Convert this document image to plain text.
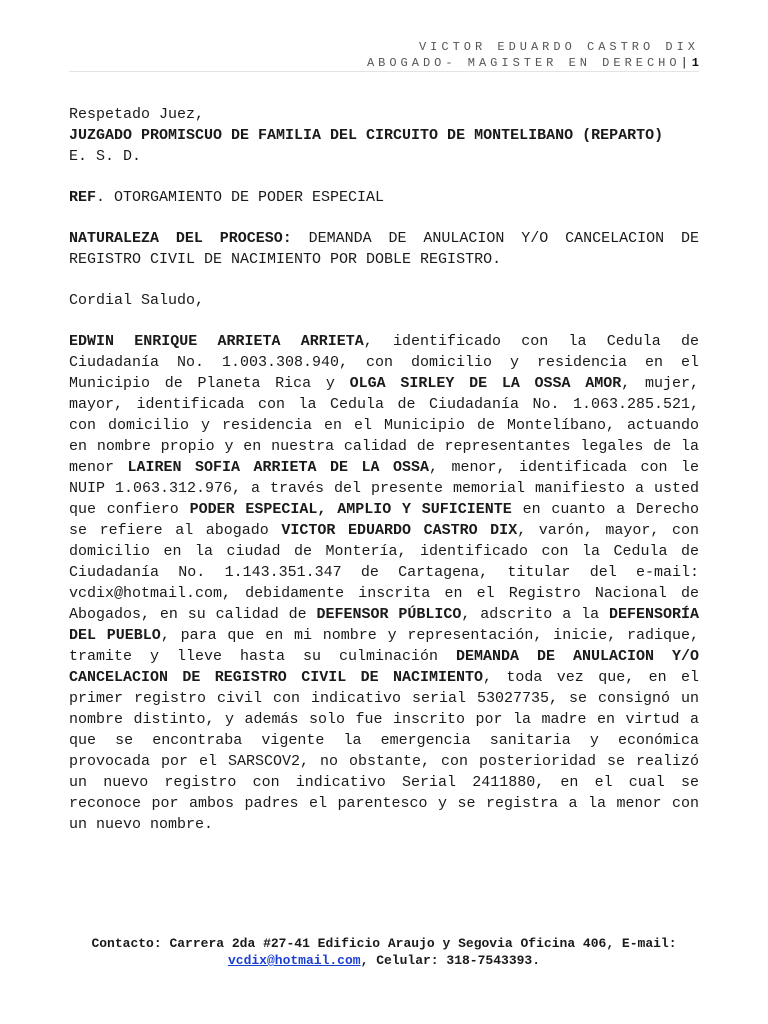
VICTOR EDUARDO CASTRO DIX
ABOGADO- MAGISTER EN DERECHO| 1

Respetado Juez,

JUZGADO PROMISCUO DE FAMILIA DEL CIRCUITO DE MONTELIBANO (REPARTO)

E. S. D.

REF. OTORGAMIENTO DE PODER ESPECIAL

NATURALEZA DEL PROCESO: DEMANDA DE ANULACION Y/O CANCELACION DE REGISTRO CIVIL DE NACIMIENTO POR DOBLE REGISTRO.

Cordial Saludo,

EDWIN ENRIQUE ARRIETA ARRIETA, identificado con la Cedula de Ciudadanía No. 1.003.308.940, con domicilio y residencia en el Municipio de Planeta Rica y OLGA SIRLEY DE LA OSSA AMOR, mujer, mayor, identificada con la Cedula de Ciudadanía No. 1.063.285.521, con domicilio y residencia en el Municipio de Montelíbano, actuando en nombre propio y en nuestra calidad de representantes legales de la menor LAIREN SOFIA ARRIETA DE LA OSSA, menor, identificada con le NUIP 1.063.312.976, a través del presente memorial manifiesto a usted que confiero PODER ESPECIAL, AMPLIO Y SUFICIENTE en cuanto a Derecho se refiere al abogado VICTOR EDUARDO CASTRO DIX, varón, mayor, con domicilio en la ciudad de Montería, identificado con la Cedula de Ciudadanía No. 1.143.351.347 de Cartagena, titular del e-mail: vcdix@hotmail.com, debidamente inscrita en el Registro Nacional de Abogados, en su calidad de DEFENSOR PÚBLICO, adscrito a la DEFENSORÍA DEL PUEBLO, para que en mi nombre y representación, inicie, radique, tramite y lleve hasta su culminación DEMANDA DE ANULACION Y/O CANCELACION DE REGISTRO CIVIL DE NACIMIENTO, toda vez que, en el primer registro civil con indicativo serial 53027735, se consignó un nombre distinto, y además solo fue inscrito por la madre en virtud a que se encontraba vigente la emergencia sanitaria y económica provocada por el SARSCOV2, no obstante, con posterioridad se realizó un nuevo registro con indicativo Serial 2411880, en el cual se reconoce por ambos padres el parentesco y se registra a la menor con un nuevo nombre.

Contacto: Carrera 2da #27-41 Edificio Araujo y Segovia Oficina 406, E-mail: vcdix@hotmail.com, Celular: 318-7543393.
